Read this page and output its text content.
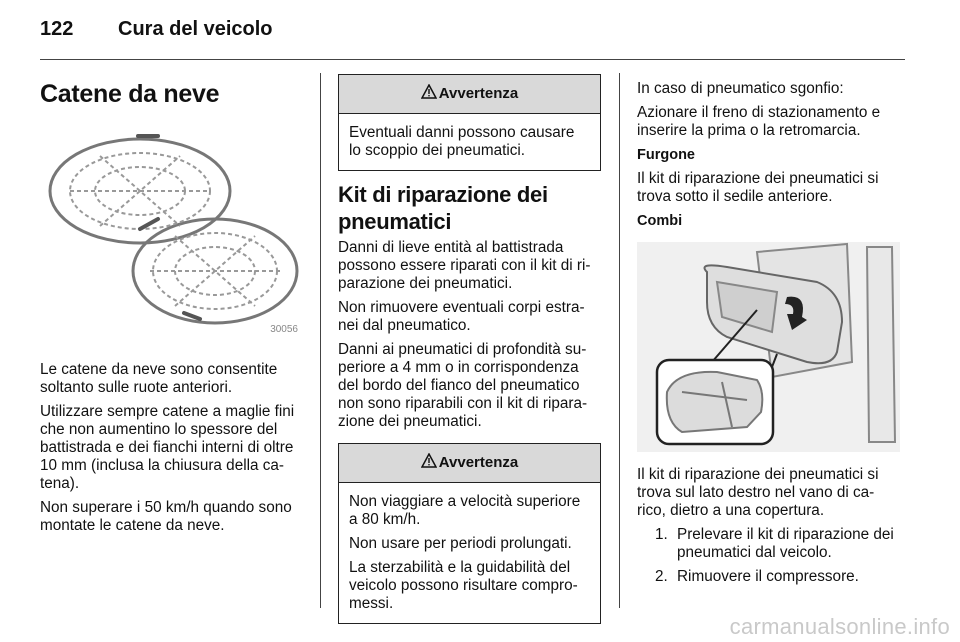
122 Cura del veicolo
Catene da neve
30056

Le catene da neve sono consentite soltanto sulle ruote anteriori.

Utilizzare sempre catene a maglie fini che non aumentino lo spessore del battistrada e dei fianchi interni di oltre 10 mm (inclusa la chiusura della ca-tena).

Non superare i 50 km/h quando sono montate le catene da neve.

Avvertenza

Eventuali danni possono causare lo scoppio dei pneumatici.

Kit di riparazione dei pneumatici

Danni di lieve entità al battistrada possono essere riparati con il kit di ri-parazione dei pneumatici.

Non rimuovere eventuali corpi estra-nei dal pneumatico.

Danni ai pneumatici di profondità su-periore a 4 mm o in corrispondenza del bordo del fianco del pneumatico non sono riparabili con il kit di ripara-zione dei pneumatici.

Avvertenza

Non viaggiare a velocità superiore a 80 km/h.

Non usare per periodi prolungati.

La sterzabilità e la guidabilità del veicolo possono risultare compro-messi.

In caso di pneumatico sgonfio:

Azionare il freno di stazionamento e inserire la prima o la retromarcia.

Furgone

Il kit di riparazione dei pneumatici si trova sotto il sedile anteriore.

Combi

Il kit di riparazione dei pneumatici si trova sul lato destro nel vano di ca-rico, dietro a una copertura.

1. Prelevare il kit di riparazione dei pneumatici dal veicolo.
2. Rimuovere il compressore.
carmanualsonline.info
